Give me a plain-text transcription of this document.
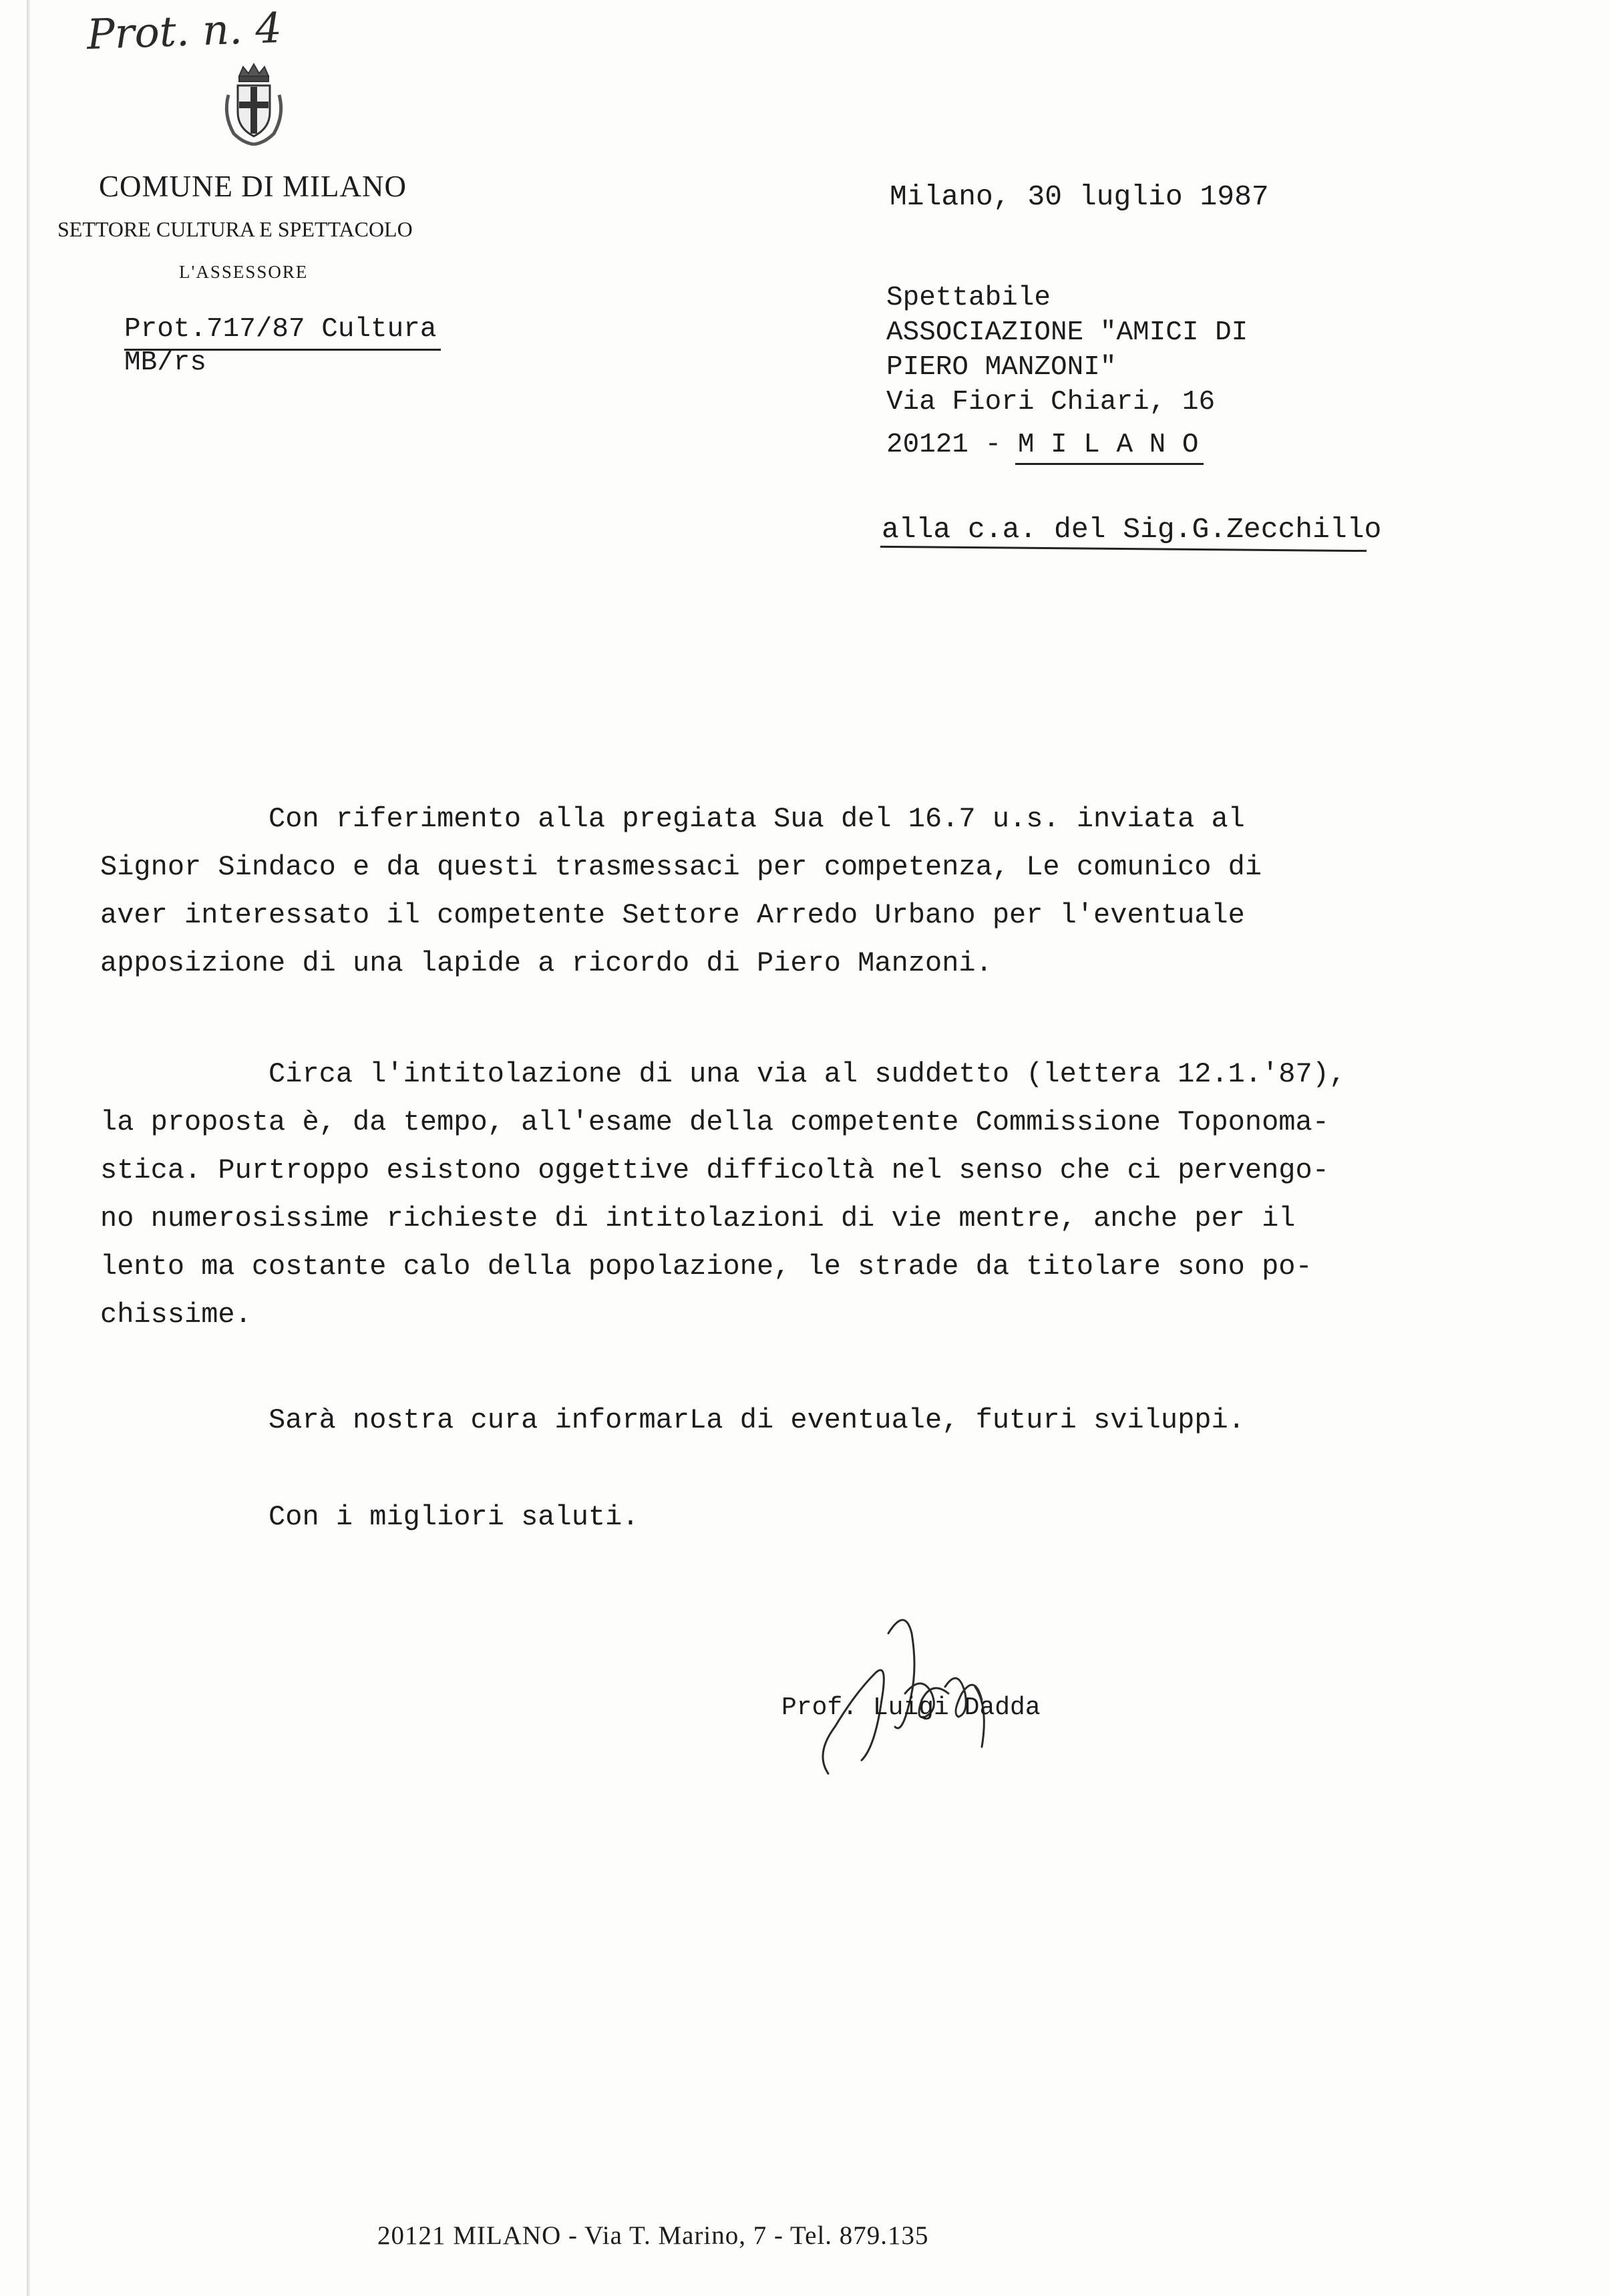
Prot. n. 4
COMUNE DI MILANO
SETTORE CULTURA E SPETTACOLO
L'ASSESSORE
Prot.717/87 Cultura
MB/rs
Milano, 30 luglio 1987
Spettabile
ASSOCIAZIONE "AMICI DI
PIERO MANZONI"
Via Fiori Chiari, 16
20121 - M I L A N O
alla c.a. del Sig.G.Zecchillo
Con riferimento alla pregiata Sua del 16.7 u.s. inviata al
Signor Sindaco e da questi trasmessaci per competenza, Le comunico di
aver interessato il competente Settore Arredo Urbano per l'eventuale
apposizione di una lapide a ricordo di Piero Manzoni.
Circa l'intitolazione di una via al suddetto (lettera 12.1.'87),
la proposta è, da tempo, all'esame della competente Commissione Toponoma-
stica. Purtroppo esistono oggettive difficoltà nel senso che ci pervengo-
no numerosissime richieste di intitolazioni di vie mentre, anche per il
lento ma costante calo della popolazione, le strade da titolare sono po-
chissime.
Sarà nostra cura informarLa di eventuale, futuri sviluppi.
Con i migliori saluti.
Prof. Luigi Dadda
20121 MILANO - Via T. Marino, 7 - Tel. 879.135
